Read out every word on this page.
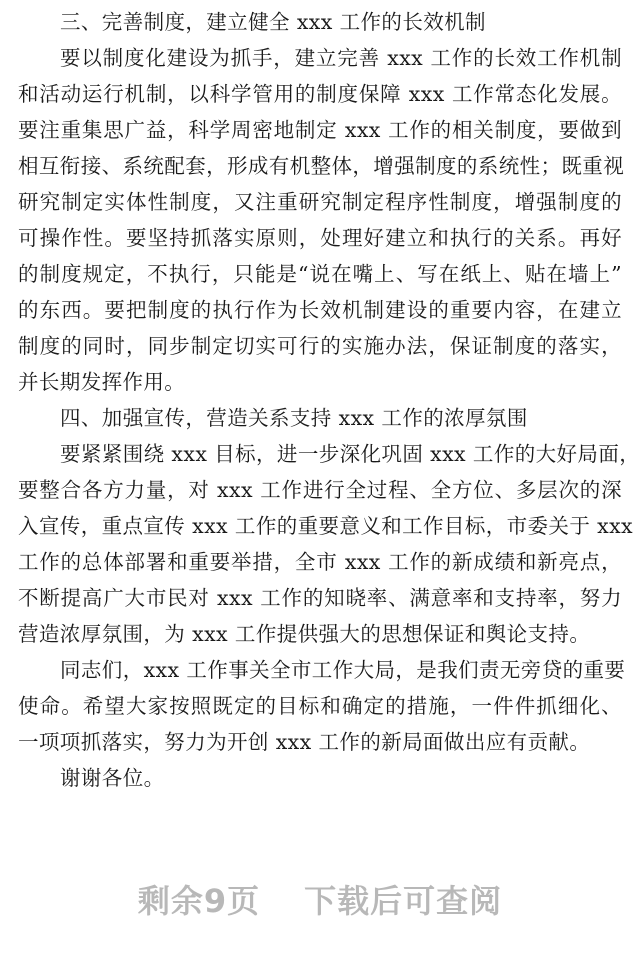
三、完善制度，建立健全 xxx 工作的长效机制
要以制度化建设为抓手，建立完善 xxx 工作的长效工作机制
和活动运行机制，以科学管用的制度保障 xxx 工作常态化发展。
要注重集思广益，科学周密地制定 xxx 工作的相关制度，要做到
相互衔接、系统配套，形成有机整体，增强制度的系统性；既重视
研究制定实体性制度，又注重研究制定程序性制度，增强制度的
可操作性。要坚持抓落实原则，处理好建立和执行的关系。再好
的制度规定，不执行，只能是“说在嘴上、写在纸上、贴在墙上”
的东西。要把制度的执行作为长效机制建设的重要内容，在建立
制度的同时，同步制定切实可行的实施办法，保证制度的落实，
并长期发挥作用。
四、加强宣传，营造关系支持 xxx 工作的浓厚氛围
要紧紧围绕 xxx 目标，进一步深化巩固 xxx 工作的大好局面，
要整合各方力量，对 xxx 工作进行全过程、全方位、多层次的深
入宣传，重点宣传 xxx 工作的重要意义和工作目标，市委关于 xxx
工作的总体部署和重要举措，全市 xxx 工作的新成绩和新亮点，
不断提高广大市民对 xxx 工作的知晓率、满意率和支持率，努力
营造浓厚氛围，为 xxx 工作提供强大的思想保证和舆论支持。
同志们，xxx 工作事关全市工作大局，是我们责无旁贷的重要
使命。希望大家按照既定的目标和确定的措施，一件件抓细化、
一项项抓落实，努力为开创 xxx 工作的新局面做出应有贡献。
谢谢各位。
剩余9页 下载后可查阅
